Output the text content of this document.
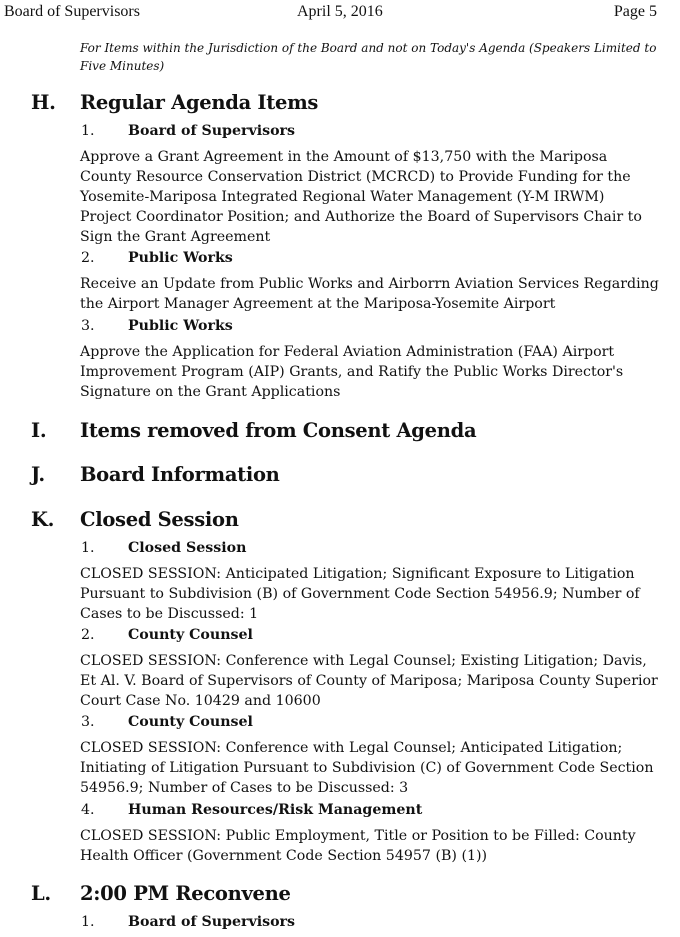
Board of Supervisors	April 5, 2016	Page 5
For Items within the Jurisdiction of the Board and not on Today's Agenda (Speakers Limited to Five Minutes)
H. Regular Agenda Items
1. Board of Supervisors
Approve a Grant Agreement in the Amount of $13,750 with the Mariposa County Resource Conservation District (MCRCD) to Provide Funding for the Yosemite-Mariposa Integrated Regional Water Management (Y-M IRWM) Project Coordinator Position; and Authorize the Board of Supervisors Chair to Sign the Grant Agreement
2. Public Works
Receive an Update from Public Works and Airborrn Aviation Services Regarding the Airport Manager Agreement at the Mariposa-Yosemite Airport
3. Public Works
Approve the Application for Federal Aviation Administration (FAA) Airport Improvement Program (AIP) Grants, and Ratify the Public Works Director's Signature on the Grant Applications
I. Items removed from Consent Agenda
J. Board Information
K. Closed Session
1. Closed Session
CLOSED SESSION: Anticipated Litigation; Significant Exposure to Litigation Pursuant to Subdivision (B) of Government Code Section 54956.9; Number of Cases to be Discussed: 1
2. County Counsel
CLOSED SESSION: Conference with Legal Counsel; Existing Litigation; Davis, Et Al. V. Board of Supervisors of County of Mariposa; Mariposa County Superior Court Case No. 10429 and 10600
3. County Counsel
CLOSED SESSION: Conference with Legal Counsel; Anticipated Litigation; Initiating of Litigation Pursuant to Subdivision (C) of Government Code Section 54956.9; Number of Cases to be Discussed: 3
4. Human Resources/Risk Management
CLOSED SESSION: Public Employment, Title or Position to be Filled: County Health Officer (Government Code Section 54957 (B) (1))
L. 2:00 PM Reconvene
1. Board of Supervisors
